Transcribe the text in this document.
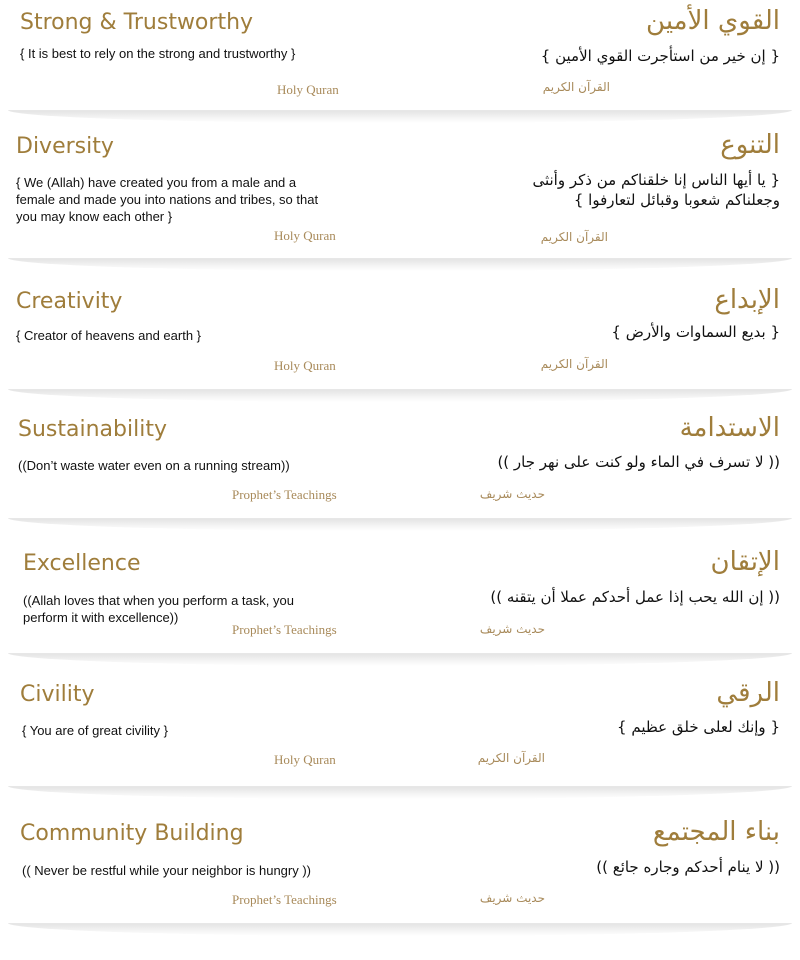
Strong & Trustworthy
{ It is best to rely on the strong and trustworthy }
Holy Quran
القوي الأمين
{ إن خير من استأجرت القوي الأمين }
القرآن الكريم
Diversity
{ We (Allah) have created you from a male and a female and made you into nations and tribes, so that you may know each other }
Holy Quran
التنوع
{ يا أيها الناس إنا خلقناكم من ذكر وأنثى وجعلناكم شعوبا وقبائل لتعارفوا }
القرآن الكريم
Creativity
{ Creator of heavens and earth }
Holy Quran
الإبداع
{ بديع السماوات والأرض }
القرآن الكريم
Sustainability
((Don’t waste water even on a running stream))
Prophet’s Teachings
الاستدامة
(( لا تسرف في الماء ولو كنت على نهر جار ))
حديث شريف
Excellence
((Allah loves that when you perform a task, you perform it with excellence))
Prophet’s Teachings
الإتقان
(( إن الله يحب إذا عمل أحدكم عملا أن يتقنه ))
حديث شريف
Civility
{ You are of great civility }
Holy Quran
الرقي
{ وإنك لعلى خلق عظيم }
القرآن الكريم
Community Building
(( Never be restful while your neighbor is hungry ))
Prophet’s Teachings
بناء المجتمع
(( لا ينام أحدكم وجاره جائع ))
حديث شريف
